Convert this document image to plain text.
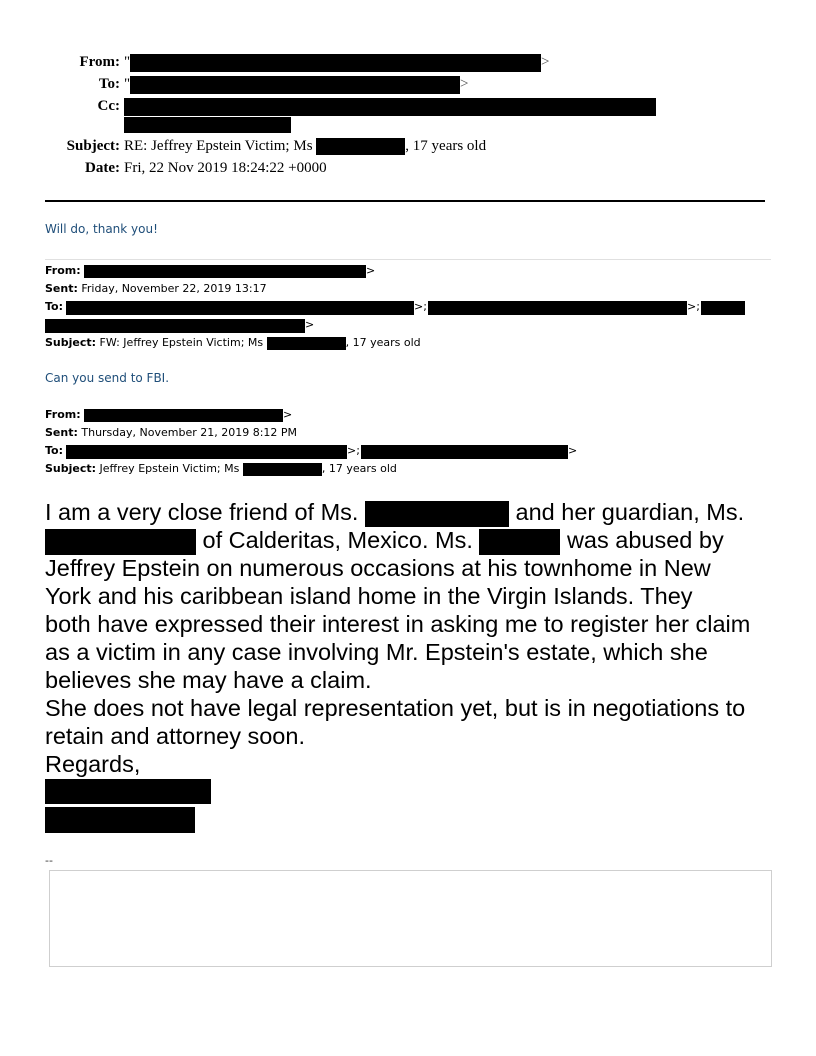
From: "	>
To: "	>
Cc:
Subject: RE: Jeffrey Epstein Victim; Ms	, 17 years old
Date: Fri, 22 Nov 2019 18:24:22 +0000
Will do, thank you!
From:	>
Sent: Friday, November 22, 2019 13:17
To:	>;	>;
>
Subject: FW: Jeffrey Epstein Victim; Ms	, 17 years old
Can you send to FBI.
From:	>
Sent: Thursday, November 21, 2019 8:12 PM
To:	>;	>
Subject: Jeffrey Epstein Victim; Ms	, 17 years old
I am a very close friend of Ms.	and her guardian, Ms.
of Calderitas, Mexico. Ms.	was abused by
Jeffrey Epstein on numerous occasions at his townhome in New
York and his caribbean island home in the Virgin Islands. They
both have expressed their interest in asking me to register her claim
as a victim in any case involving Mr. Epstein's estate, which she
believes she may have a claim.
She does not have legal representation yet, but is in negotiations to
retain and attorney soon.
Regards,
--
